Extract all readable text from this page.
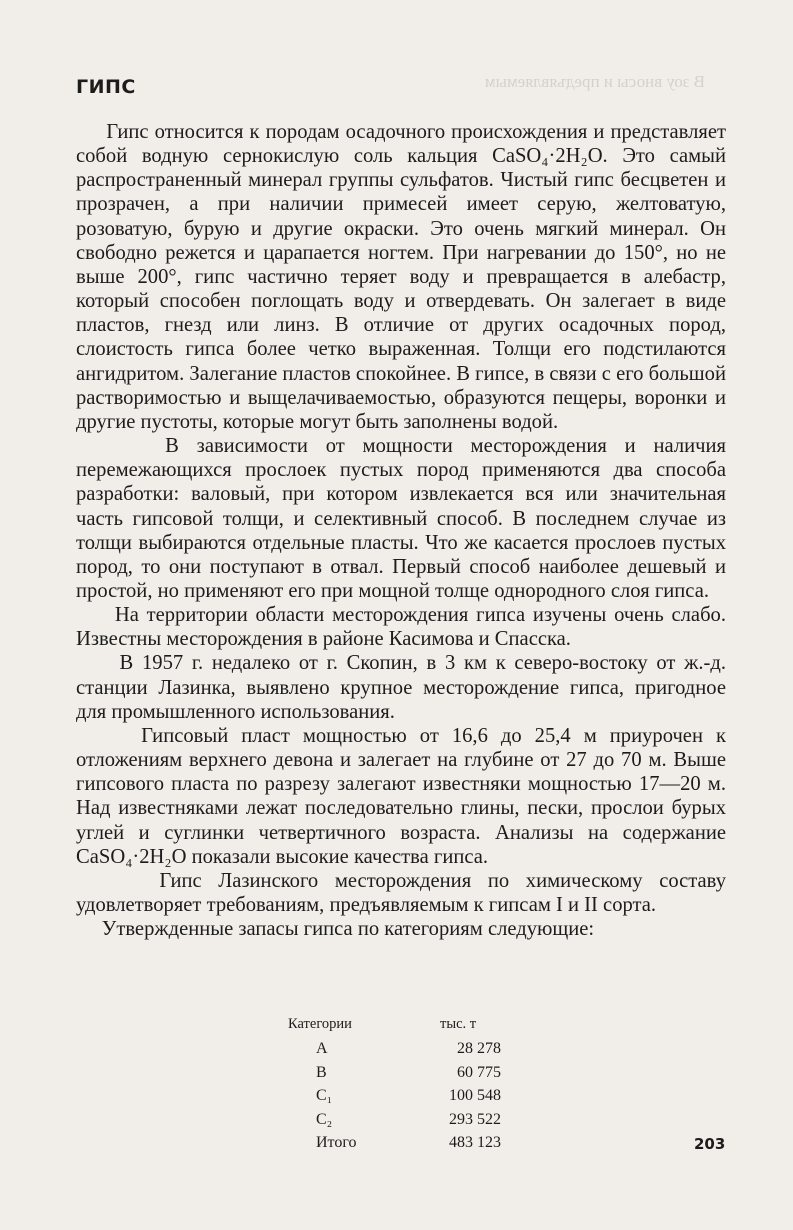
В зоу вносы и предъявляемым
ГИПС

Гипс относится к породам осадочного происхождения и представляет собой водную сернокислую соль кальция CaSO₄·2H₂O. Это самый распространенный минерал группы сульфатов. Чистый гипс бесцветен и прозрачен, а при наличии примесей имеет серую, желтоватую, розоватую, бурую и другие окраски. Это очень мягкий минерал. Он свободно режется и царапается ногтем. При нагревании до 150°, но не выше 200°, гипс частично теряет воду и превращается в алебастр, который способен поглощать воду и отвердевать. Он залегает в виде пластов, гнезд или линз. В отличие от других осадочных пород, слоистость гипса более четко выраженная. Толщи его подстилаются ангидритом. Залегание пластов спокойнее. В гипсе, в связи с его большой растворимостью и выщелачиваемостью, образуются пещеры, воронки и другие пустоты, которые могут быть заполнены водой.

В зависимости от мощности месторождения и наличия перемежающихся прослоек пустых пород применяются два способа разработки: валовый, при котором извлекается вся или значительная часть гипсовой толщи, и селективный способ. В последнем случае из толщи выбираются отдельные пласты. Что же касается прослоев пустых пород, то они поступают в отвал. Первый способ наиболее дешевый и простой, но применяют его при мощной толще однородного слоя гипса.

На территории области месторождения гипса изучены очень слабо. Известны месторождения в районе Касимова и Спасска.

В 1957 г. недалеко от г. Скопин, в 3 км к северо-востоку от ж.-д. станции Лазинка, выявлено крупное месторождение гипса, пригодное для промышленного использования.

Гипсовый пласт мощностью от 16,6 до 25,4 м приурочен к отложениям верхнего девона и залегает на глубине от 27 до 70 м. Выше гипсового пласта по разрезу залегают известняки мощностью 17—20 м. Над известняками лежат последовательно глины, пески, прослои бурых углей и суглинки четвертичного возраста. Анализы на содержание CaSO₄·2H₂O показали высокие качества гипса.

Гипс Лазинского месторождения по химическому составу удовлетворяет требованиям, предъявляемым к гипсам I и II сорта.

Утвержденные запасы гипса по категориям следующие:

Категории	тыс. т
A	28 278
B	60 775
C₁	100 548
C₂	293 522
Итого	483 123	203
